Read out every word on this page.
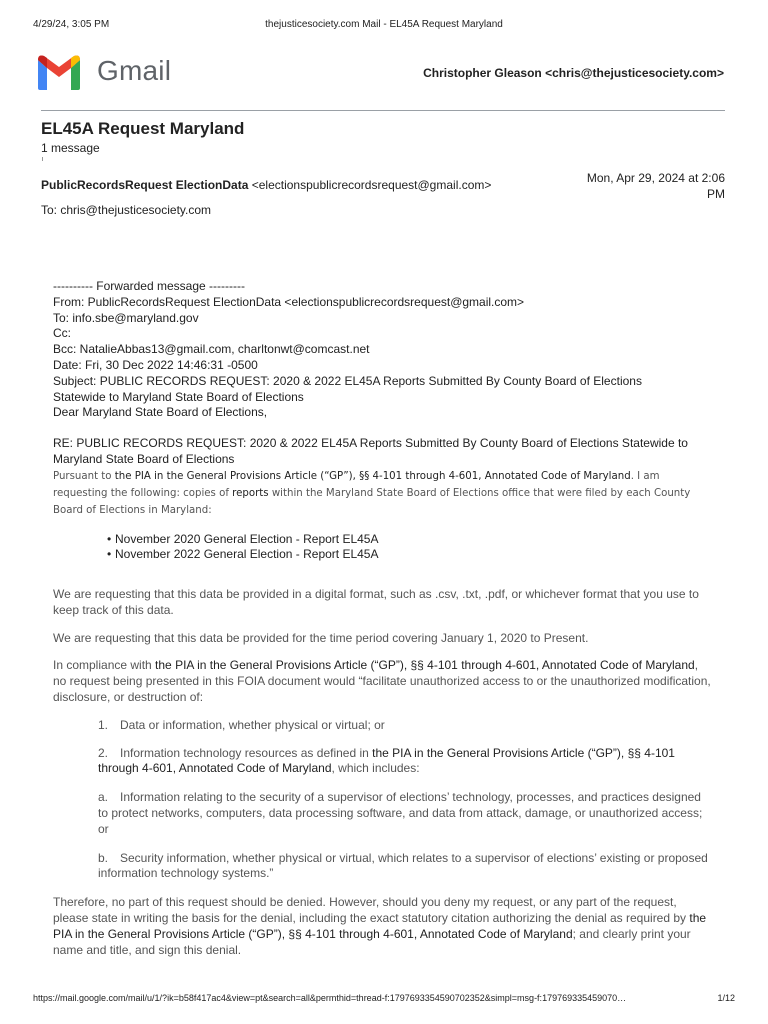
4/29/24, 3:05 PM	thejusticesociety.com Mail - EL45A Request Maryland
Gmail	Christopher Gleason <chris@thejusticesociety.com>
EL45A Request Maryland
1 message
PublicRecordsRequest ElectionData <electionspublicrecordsrequest@gmail.com>	Mon, Apr 29, 2024 at 2:06
PM
To: chris@thejusticesociety.com
---------- Forwarded message ---------
From: PublicRecordsRequest ElectionData <electionspublicrecordsrequest@gmail.com>
To: info.sbe@maryland.gov
Cc:
Bcc: NatalieAbbas13@gmail.com, charltonwt@comcast.net
Date: Fri, 30 Dec 2022 14:46:31 -0500
Subject: PUBLIC RECORDS REQUEST: 2020 & 2022 EL45A Reports Submitted By County Board of Elections
Statewide to Maryland State Board of Elections
Dear Maryland State Board of Elections,
RE: PUBLIC RECORDS REQUEST: 2020 & 2022 EL45A Reports Submitted By County Board of Elections Statewide to
Maryland State Board of Elections

Pursuant to the PIA in the General Provisions Article (“GP”), §§ 4-101 through 4-601, Annotated Code of Maryland. I am requesting the following: copies of reports within the Maryland State Board of Elections office that were filed by each County Board of Elections in Maryland:

• November 2020 General Election - Report EL45A
• November 2022 General Election - Report EL45A

We are requesting that this data be provided in a digital format, such as .csv, .txt, .pdf, or whichever format that you use to keep track of this data.

We are requesting that this data be provided for the time period covering January 1, 2020 to Present.

In compliance with the PIA in the General Provisions Article (“GP”), §§ 4-101 through 4-601, Annotated Code of Maryland, no request being presented in this FOIA document would “facilitate unauthorized access to or the unauthorized modification, disclosure, or destruction of:

1. Data or information, whether physical or virtual; or

2. Information technology resources as defined in the PIA in the General Provisions Article (“GP”), §§ 4-101 through 4-601, Annotated Code of Maryland, which includes:

a. Information relating to the security of a supervisor of elections’ technology, processes, and practices designed to protect networks, computers, data processing software, and data from attack, damage, or unauthorized access; or

b. Security information, whether physical or virtual, which relates to a supervisor of elections’ existing or proposed information technology systems.”

Therefore, no part of this request should be denied. However, should you deny my request, or any part of the request, please state in writing the basis for the denial, including the exact statutory citation authorizing the denial as required by the PIA in the General Provisions Article (“GP”), §§ 4-101 through 4-601, Annotated Code of Maryland; and clearly print your name and title, and sign this denial.

https://mail.google.com/mail/u/1/?ik=b58f417ac4&view=pt&search=all&permthid=thread-f:1797693354590702352&simpl=msg-f:179769335459070…	1/12
